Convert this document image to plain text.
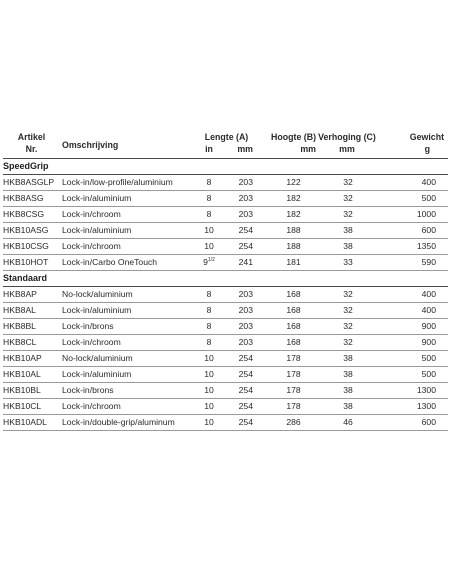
Artikel	Omschrijving	Lengte (A)		Hoogte (B)	Verhoging (C)	Gewicht
Nr.		in	mm	mm	mm	g
SpeedGrip						
HKB8ASGLP	Lock-in/low-profile/aluminium	8	203	122	32	400
HKB8ASG	Lock-in/aluminium	8	203	182	32	500
HKB8CSG	Lock-in/chroom	8	203	182	32	1000
HKB10ASG	Lock-in/aluminium	10	254	188	38	600
HKB10CSG	Lock-in/chroom	10	254	188	38	1350
HKB10HOT	Lock-in/Carbo OneTouch	$9^{1/2}$	241	181	33	590
Standaard						
HKB8AP	No-lock/aluminium	8	203	168	32	400
HKB8AL	Lock-in/aluminium	8	203	168	32	400
HKB8BL	Lock-in/brons	8	203	168	32	900
HKB8CL	Lock-in/chroom	8	203	168	32	900
HKB10AP	No-lock/aluminium	10	254	178	38	500
HKB10AL	Lock-in/aluminium	10	254	178	38	500
HKB10BL	Lock-in/brons	10	254	178	38	1300
HKB10CL	Lock-in/chroom	10	254	178	38	1300
HKB10ADL	Lock-in/double-grip/aluminum	10	254	286	46	600
